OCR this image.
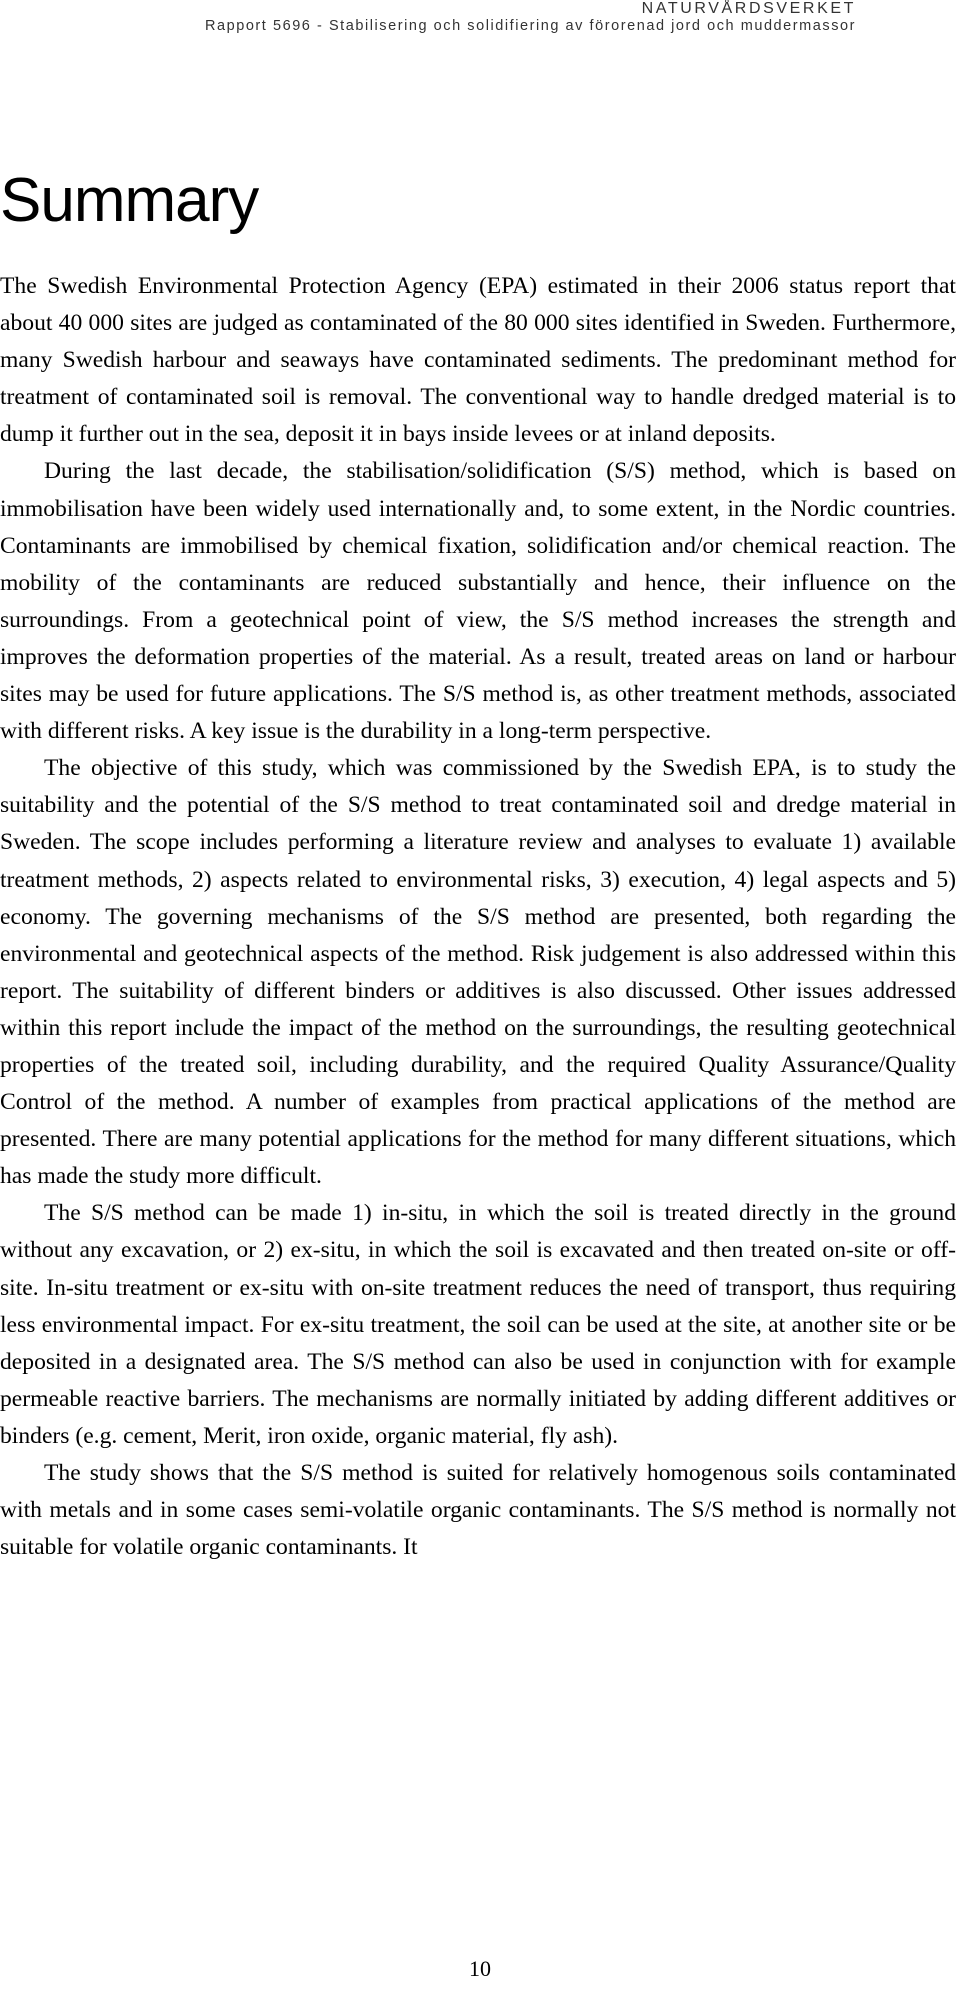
NATURVÅRDSVERKET
Rapport 5696 - Stabilisering och solidifiering av förorenad jord och muddermassor
Summary

The Swedish Environmental Protection Agency (EPA) estimated in their 2006 status report that about 40 000 sites are judged as contaminated of the 80 000 sites identified in Sweden. Furthermore, many Swedish harbour and seaways have contaminated sediments. The predominant method for treatment of contaminated soil is removal. The conventional way to handle dredged material is to dump it further out in the sea, deposit it in bays inside levees or at inland deposits.

During the last decade, the stabilisation/solidification (S/S) method, which is based on immobilisation have been widely used internationally and, to some extent, in the Nordic countries. Contaminants are immobilised by chemical fixation, solidification and/or chemical reaction. The mobility of the contaminants are reduced substantially and hence, their influence on the surroundings. From a geotechnical point of view, the S/S method increases the strength and improves the deformation properties of the material. As a result, treated areas on land or harbour sites may be used for future applications. The S/S method is, as other treatment methods, associated with different risks. A key issue is the durability in a long-term perspective.

The objective of this study, which was commissioned by the Swedish EPA, is to study the suitability and the potential of the S/S method to treat contaminated soil and dredge material in Sweden. The scope includes performing a literature review and analyses to evaluate 1) available treatment methods, 2) aspects related to environmental risks, 3) execution, 4) legal aspects and 5) economy. The governing mechanisms of the S/S method are presented, both regarding the environmental and geotechnical aspects of the method. Risk judgement is also addressed within this report. The suitability of different binders or additives is also discussed. Other issues addressed within this report include the impact of the method on the surroundings, the resulting geotechnical properties of the treated soil, including durability, and the required Quality Assurance/Quality Control of the method. A number of examples from practical applications of the method are presented. There are many potential applications for the method for many different situations, which has made the study more difficult.

The S/S method can be made 1) in-situ, in which the soil is treated directly in the ground without any excavation, or 2) ex-situ, in which the soil is excavated and then treated on-site or off-site. In-situ treatment or ex-situ with on-site treatment reduces the need of transport, thus requiring less environmental impact. For ex-situ treatment, the soil can be used at the site, at another site or be deposited in a designated area. The S/S method can also be used in conjunction with for example permeable reactive barriers. The mechanisms are normally initiated by adding different additives or binders (e.g. cement, Merit, iron oxide, organic material, fly ash).

The study shows that the S/S method is suited for relatively homogenous soils contaminated with metals and in some cases semi-volatile organic contaminants. The S/S method is normally not suitable for volatile organic contaminants. It

10
